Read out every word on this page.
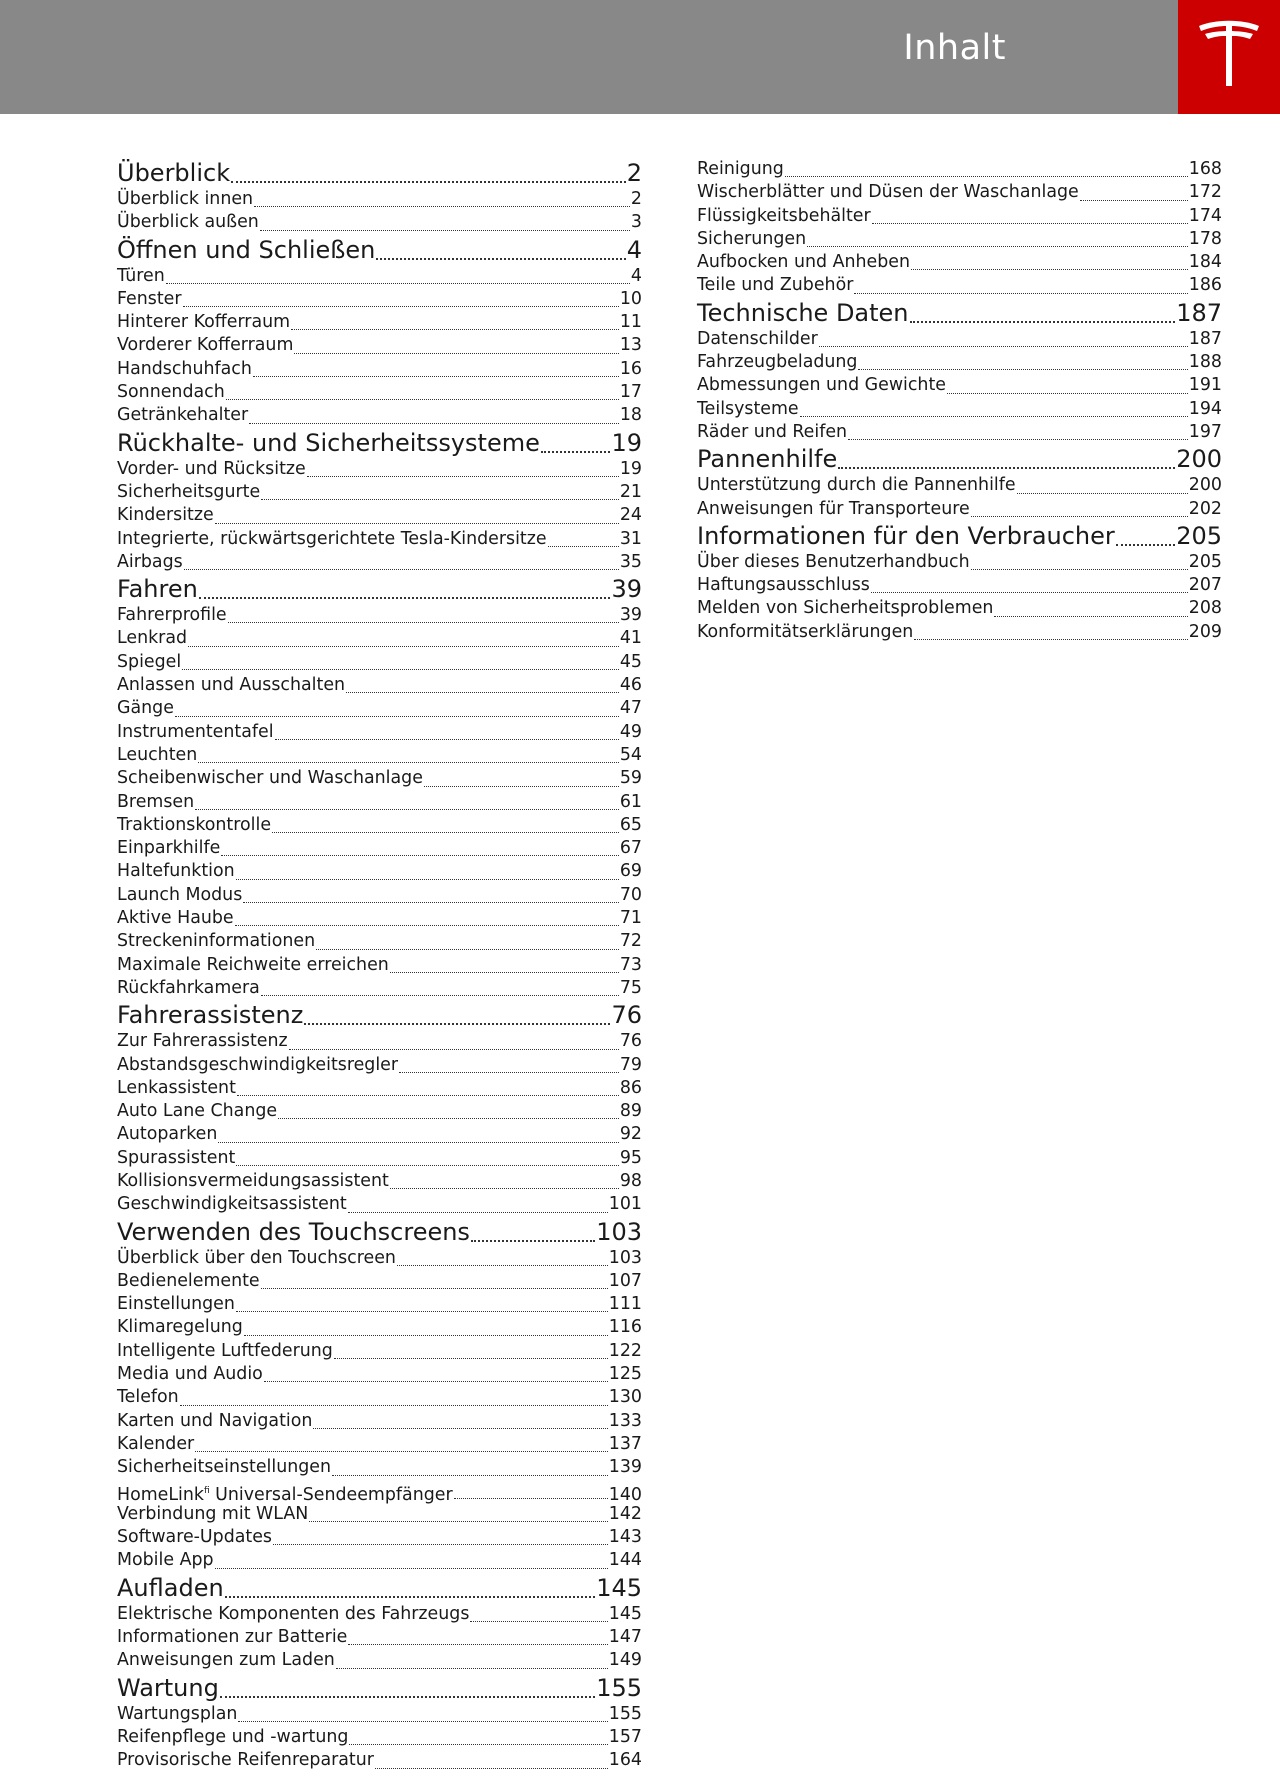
Inhalt
Überblick	2
Überblick innen	2
Überblick außen	3
Öffnen und Schließen	4
Türen	4
Fenster	10
Hinterer Kofferraum	11
Vorderer Kofferraum	13
Handschuhfach	16
Sonnendach	17
Getränkehalter	18
Rückhalte- und Sicherheitssysteme	19
Vorder- und Rücksitze	19
Sicherheitsgurte	21
Kindersitze	24
Integrierte, rückwärtsgerichtete Tesla-Kindersitze	31
Airbags	35
Fahren	39
Fahrerprofile	39
Lenkrad	41
Spiegel	45
Anlassen und Ausschalten	46
Gänge	47
Instrumententafel	49
Leuchten	54
Scheibenwischer und Waschanlage	59
Bremsen	61
Traktionskontrolle	65
Einparkhilfe	67
Haltefunktion	69
Launch Modus	70
Aktive Haube	71
Streckeninformationen	72
Maximale Reichweite erreichen	73
Rückfahrkamera	75
Fahrerassistenz	76
Zur Fahrerassistenz	76
Abstandsgeschwindigkeitsregler	79
Lenkassistent	86
Auto Lane Change	89
Autoparken	92
Spurassistent	95
Kollisionsvermeidungsassistent	98
Geschwindigkeitsassistent	101
Verwenden des Touchscreens	103
Überblick über den Touchscreen	103
Bedienelemente	107
Einstellungen	111
Klimaregelung	116
Intelligente Luftfederung	122
Media und Audio	125
Telefon	130
Karten und Navigation	133
Kalender	137
Sicherheitseinstellungen	139
HomeLink$^{fi}$ Universal-Sendeempfänger	140
Verbindung mit WLAN	142
Software-Updates	143
Mobile App	144
Aufladen	145
Elektrische Komponenten des Fahrzeugs	145
Informationen zur Batterie	147
Anweisungen zum Laden	149
Wartung	155
Wartungsplan	155
Reifenpflege und -wartung	157
Provisorische Reifenreparatur	164
Reinigung	168
Wischerblätter und Düsen der Waschanlage	172
Flüssigkeitsbehälter	174
Sicherungen	178
Aufbocken und Anheben	184
Teile und Zubehör	186
Technische Daten	187
Datenschilder	187
Fahrzeugbeladung	188
Abmessungen und Gewichte	191
Teilsysteme	194
Räder und Reifen	197
Pannenhilfe	200
Unterstützung durch die Pannenhilfe	200
Anweisungen für Transporteure	202
Informationen für den Verbraucher	205
Über dieses Benutzerhandbuch	205
Haftungsausschluss	207
Melden von Sicherheitsproblemen	208
Konformitätserklärungen	209
